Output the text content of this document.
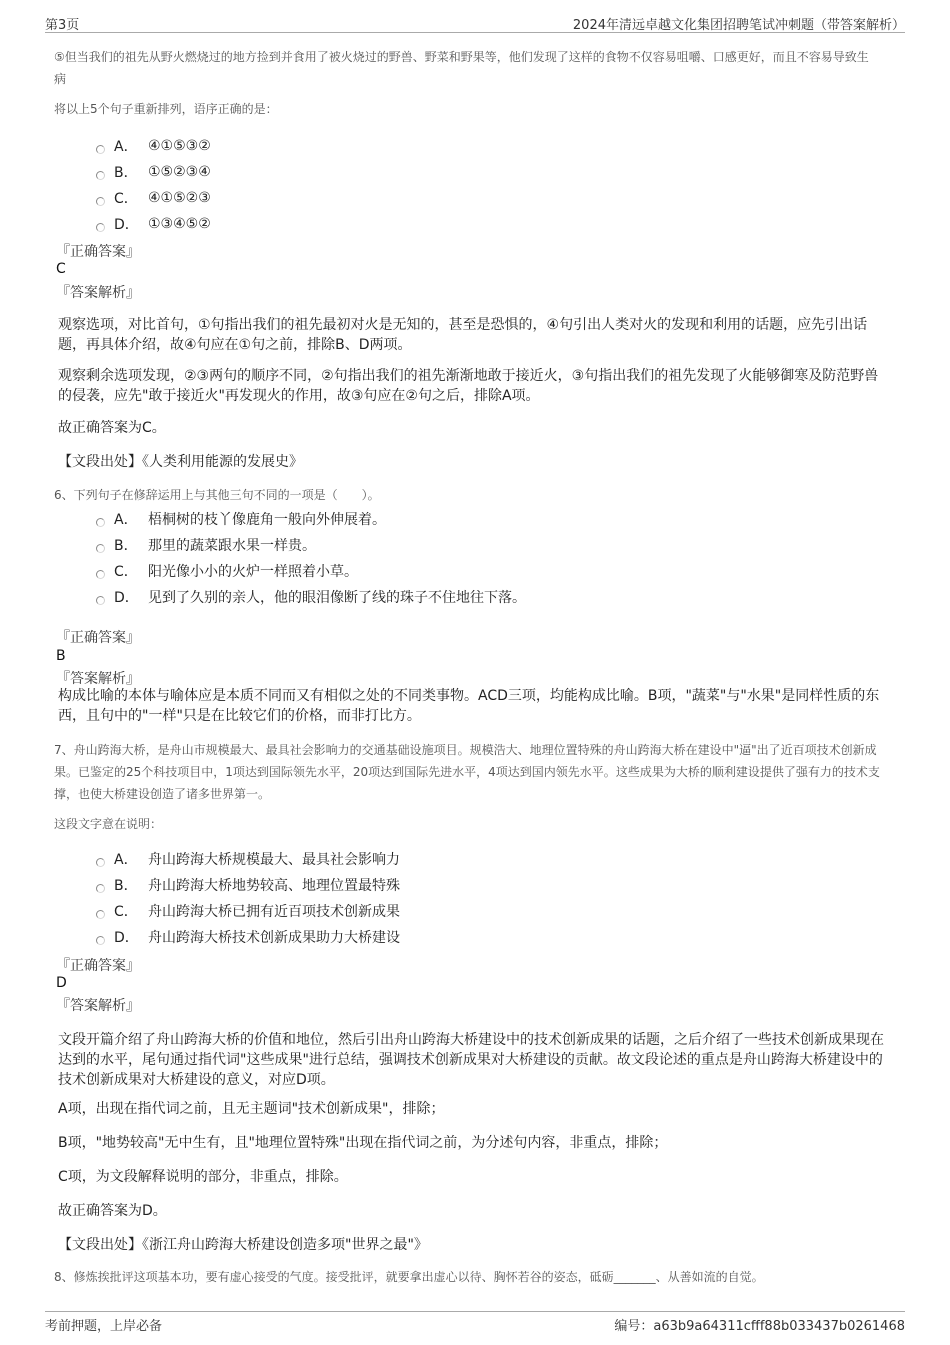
第3页	2024年清远卓越文化集团招聘笔试冲刺题（带答案解析）
⑤但当我们的祖先从野火燃烧过的地方捡到并食用了被火烧过的野兽、野菜和野果等，他们发现了这样的食物不仅容易咀嚼、口感更好，而且不容易导致生病
将以上5个句子重新排列，语序正确的是：
A． ④①⑤③②
B． ①⑤②③④
C． ④①⑤②③
D． ①③④⑤②
『正确答案』
C
『答案解析』
观察选项，对比首句，①句指出我们的祖先最初对火是无知的，甚至是恐惧的，④句引出人类对火的发现和利用的话题，应先引出话题，再具体介绍，故④句应在①句之前，排除B、D两项。
观察剩余选项发现，②③两句的顺序不同，②句指出我们的祖先渐渐地敢于接近火，③句指出我们的祖先发现了火能够御寒及防范野兽的侵袭，应先"敢于接近火"再发现火的作用，故③句应在②句之后，排除A项。
故正确答案为C。
【文段出处】《人类利用能源的发展史》
6、下列句子在修辞运用上与其他三句不同的一项是（　　）。
A． 梧桐树的枝丫像鹿角一般向外伸展着。
B． 那里的蔬菜跟水果一样贵。
C． 阳光像小小的火炉一样照着小草。
D． 见到了久别的亲人，他的眼泪像断了线的珠子不住地往下落。
『正确答案』
B
『答案解析』
构成比喻的本体与喻体应是本质不同而又有相似之处的不同类事物。ACD三项，均能构成比喻。B项，"蔬菜"与"水果"是同样性质的东西，且句中的"一样"只是在比较它们的价格，而非打比方。
7、舟山跨海大桥，是舟山市规模最大、最具社会影响力的交通基础设施项目。规模浩大、地理位置特殊的舟山跨海大桥在建设中"逼"出了近百项技术创新成果。已鉴定的25个科技项目中，1项达到国际领先水平，20项达到国际先进水平，4项达到国内领先水平。这些成果为大桥的顺利建设提供了强有力的技术支撑，也使大桥建设创造了诸多世界第一。
这段文字意在说明：
A． 舟山跨海大桥规模最大、最具社会影响力
B． 舟山跨海大桥地势较高、地理位置最特殊
C． 舟山跨海大桥已拥有近百项技术创新成果
D． 舟山跨海大桥技术创新成果助力大桥建设
『正确答案』
D
『答案解析』
文段开篇介绍了舟山跨海大桥的价值和地位，然后引出舟山跨海大桥建设中的技术创新成果的话题，之后介绍了一些技术创新成果现在达到的水平，尾句通过指代词"这些成果"进行总结，强调技术创新成果对大桥建设的贡献。故文段论述的重点是舟山跨海大桥建设中的技术创新成果对大桥建设的意义，对应D项。
A项，出现在指代词之前，且无主题词"技术创新成果"，排除；
B项，"地势较高"无中生有，且"地理位置特殊"出现在指代词之前，为分述句内容，非重点，排除；
C项，为文段解释说明的部分，非重点，排除。
故正确答案为D。
【文段出处】《浙江舟山跨海大桥建设创造多项"世界之最"》
8、修炼挨批评这项基本功，要有虚心接受的气度。接受批评，就要拿出虚心以待、胸怀若谷的姿态，砥砺_______、从善如流的自觉。
考前押题，上岸必备	编号：a63b9a64311cfff88b033437b0261468
